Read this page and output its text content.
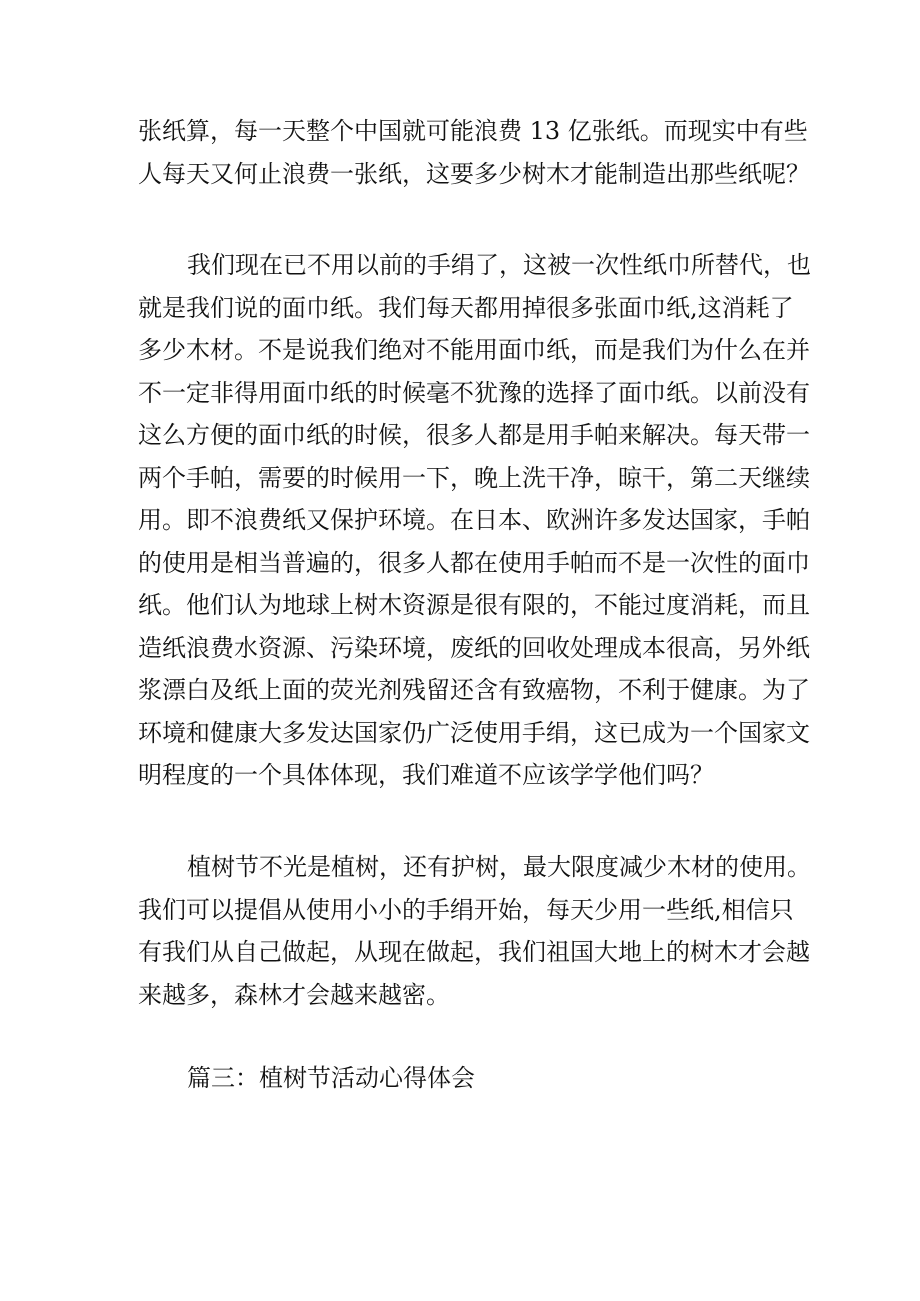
张纸算，每一天整个中国就可能浪费 13 亿张纸。而现实中有些
人每天又何止浪费一张纸，这要多少树木才能制造出那些纸呢？
我们现在已不用以前的手绢了，这被一次性纸巾所替代，也
就是我们说的面巾纸。我们每天都用掉很多张面巾纸,这消耗了
多少木材。不是说我们绝对不能用面巾纸，而是我们为什么在并
不一定非得用面巾纸的时候毫不犹豫的选择了面巾纸。以前没有
这么方便的面巾纸的时候，很多人都是用手帕来解决。每天带一
两个手帕，需要的时候用一下，晚上洗干净，晾干，第二天继续
用。即不浪费纸又保护环境。在日本、欧洲许多发达国家，手帕
的使用是相当普遍的，很多人都在使用手帕而不是一次性的面巾
纸。他们认为地球上树木资源是很有限的，不能过度消耗，而且
造纸浪费水资源、污染环境，废纸的回收处理成本很高，另外纸
浆漂白及纸上面的荧光剂残留还含有致癌物，不利于健康。为了
环境和健康大多发达国家仍广泛使用手绢，这已成为一个国家文
明程度的一个具体体现，我们难道不应该学学他们吗？
植树节不光是植树，还有护树，最大限度减少木材的使用。
我们可以提倡从使用小小的手绢开始，每天少用一些纸,相信只
有我们从自己做起，从现在做起，我们祖国大地上的树木才会越
来越多，森林才会越来越密。
篇三：植树节活动心得体会
